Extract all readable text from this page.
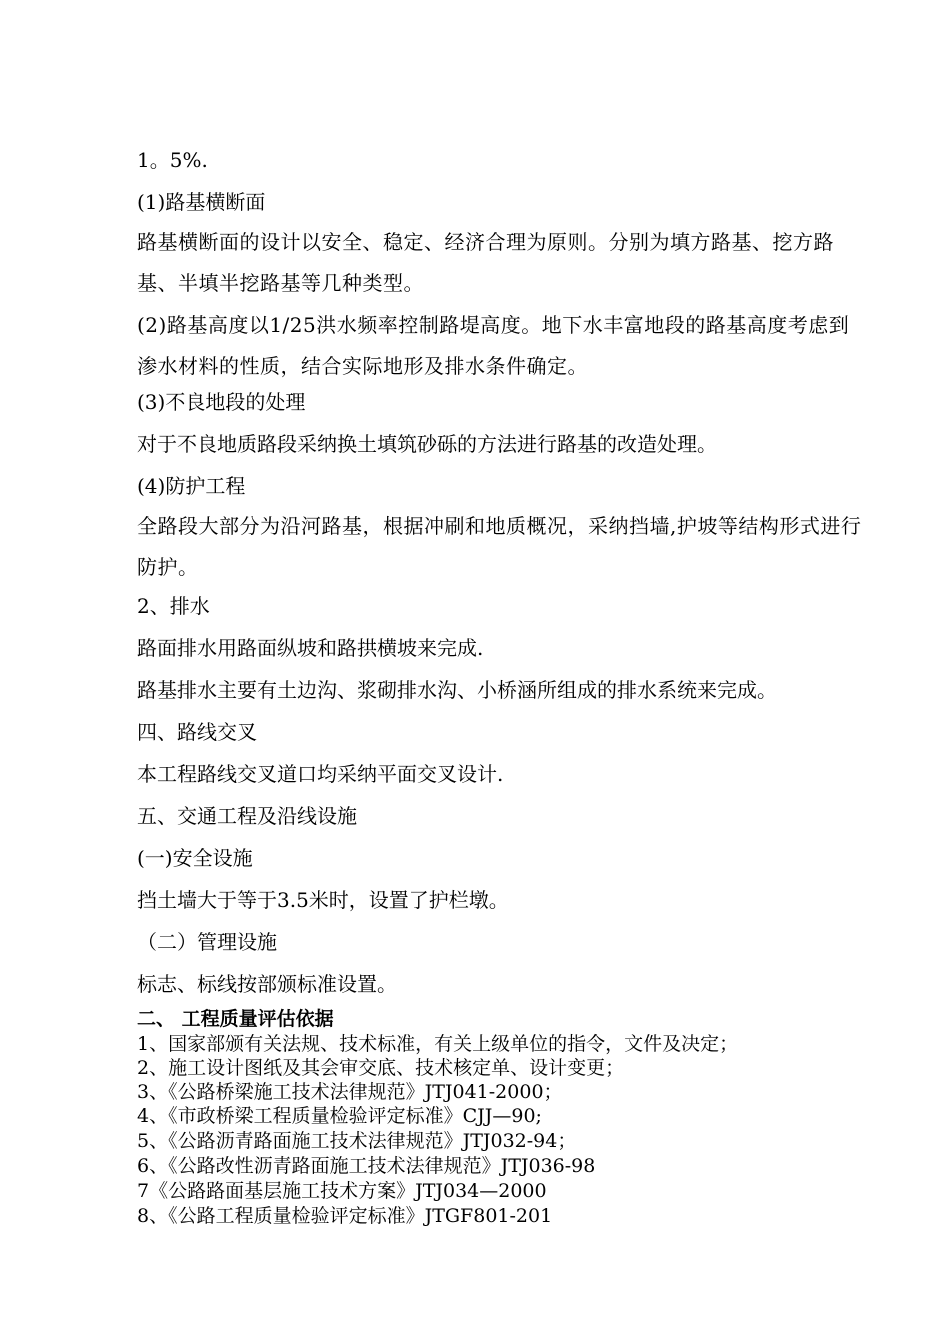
1。5%.

(1)路基横断面

路基横断面的设计以安全、稳定、经济合理为原则。分别为填方路基、挖方路基、半填半挖路基等几种类型。

(2)路基高度以1/25洪水频率控制路堤高度。地下水丰富地段的路基高度考虑到渗水材料的性质，结合实际地形及排水条件确定。

(3)不良地段的处理

对于不良地质路段采纳换土填筑砂砾的方法进行路基的改造处理。

(4)防护工程

全路段大部分为沿河路基，根据冲刷和地质概况，采纳挡墙,护坡等结构形式进行防护。

2、排水

路面排水用路面纵坡和路拱横坡来完成.

路基排水主要有土边沟、浆砌排水沟、小桥涵所组成的排水系统来完成。

四、路线交叉

本工程路线交叉道口均采纳平面交叉设计.

五、交通工程及沿线设施

(一)安全设施

挡土墙大于等于3.5米时，设置了护栏墩。

（二）管理设施

标志、标线按部颁标准设置。

二、 工程质量评估依据

1、国家部颁有关法规、技术标准，有关上级单位的指令，文件及决定；

2、施工设计图纸及其会审交底、技术核定单、设计变更；

3、《公路桥梁施工技术法律规范》JTJ041-2000；

4、《市政桥梁工程质量检验评定标准》CJJ—90;

5、《公路沥青路面施工技术法律规范》JTJ032-94；

6、《公路改性沥青路面施工技术法律规范》JTJ036-98

7《公路路面基层施工技术方案》JTJ034—2000

8、《公路工程质量检验评定标准》JTGF801-201
